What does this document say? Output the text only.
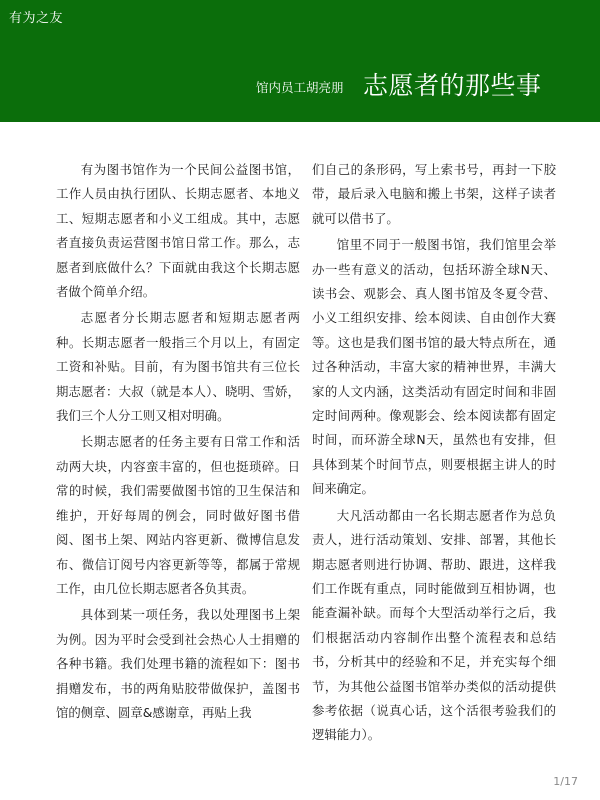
有为之友
馆内员工胡亮朋 志愿者的那些事

有为图书馆作为一个民间公益图书馆，工作人员由执行团队、长期志愿者、本地义工、短期志愿者和小义工组成。其中，志愿 者直接负责运营图书馆日常工作。那么，志愿者到底做什么？下面就由我这个长期志愿者做个简单介绍。

志愿者分长期志愿者和短期志愿者两种。长期志愿者一般指三个月以上，有固定工资和补贴。目前，有为图书馆共有三位长期志愿者：大叔（就是本人）、晓明、雪娇，我们三个人分工则又相对明确。

长期志愿者的任务主要有日常工作和活动两大块，内容蛮丰富的，但也挺琐碎。日常的时候，我们需要做图书馆的卫生保洁和维护，开好每周的例会，同时做好图书借阅、图书上架、网站内容更新、微博信息发布、微信订阅号内容更新等等，都属于常规工作，由几位长期志愿者各负其责。

具体到某一项任务，我以处理图书上架为例。因为平时会受到社会热心人士捐赠的各种书籍。我们处理书籍的流程如下：图书捐赠发布，书的两角贴胶带做保护，盖图书馆的侧章、圆章&感谢章，再贴上我

们自己的条形码，写上索书号，再封一下胶带，最后录入电脑和搬上书架，这样子读者就可以借书了。

馆里不同于一般图书馆，我们馆里会举办一些有意义的活动，包括环游全球N天、读书会、观影会、真人图书馆及冬夏令营、小义工组织安排、绘本阅读、自由创作大赛等。这也是我们图书馆的最大特点所在，通过各种活动，丰富大家的精神世界，丰满大家的人文内涵，这类活动有固定时间和非固定时间两种。像观影会、绘本阅读都有固定时间，而环游全球N天，虽然也有安排，但具体到某个时间节点，则要根据主讲人的时间来确定。

大凡活动都由一名长期志愿者作为总负责人，进行活动策划、安排、部署，其他长期志愿者则进行协调、帮助、跟进，这样我们工作既有重点，同时能做到互相协调，也能查漏补缺。而每个大型活动举行之后，我们根据活动内容制作出整个流程表和总结书，分析其中的经验和不足，并充实每个细节，为其他公益图书馆举办类似的活动提供参考依据（说真心话，这个活很考验我们的逻辑能力）。

1/17
